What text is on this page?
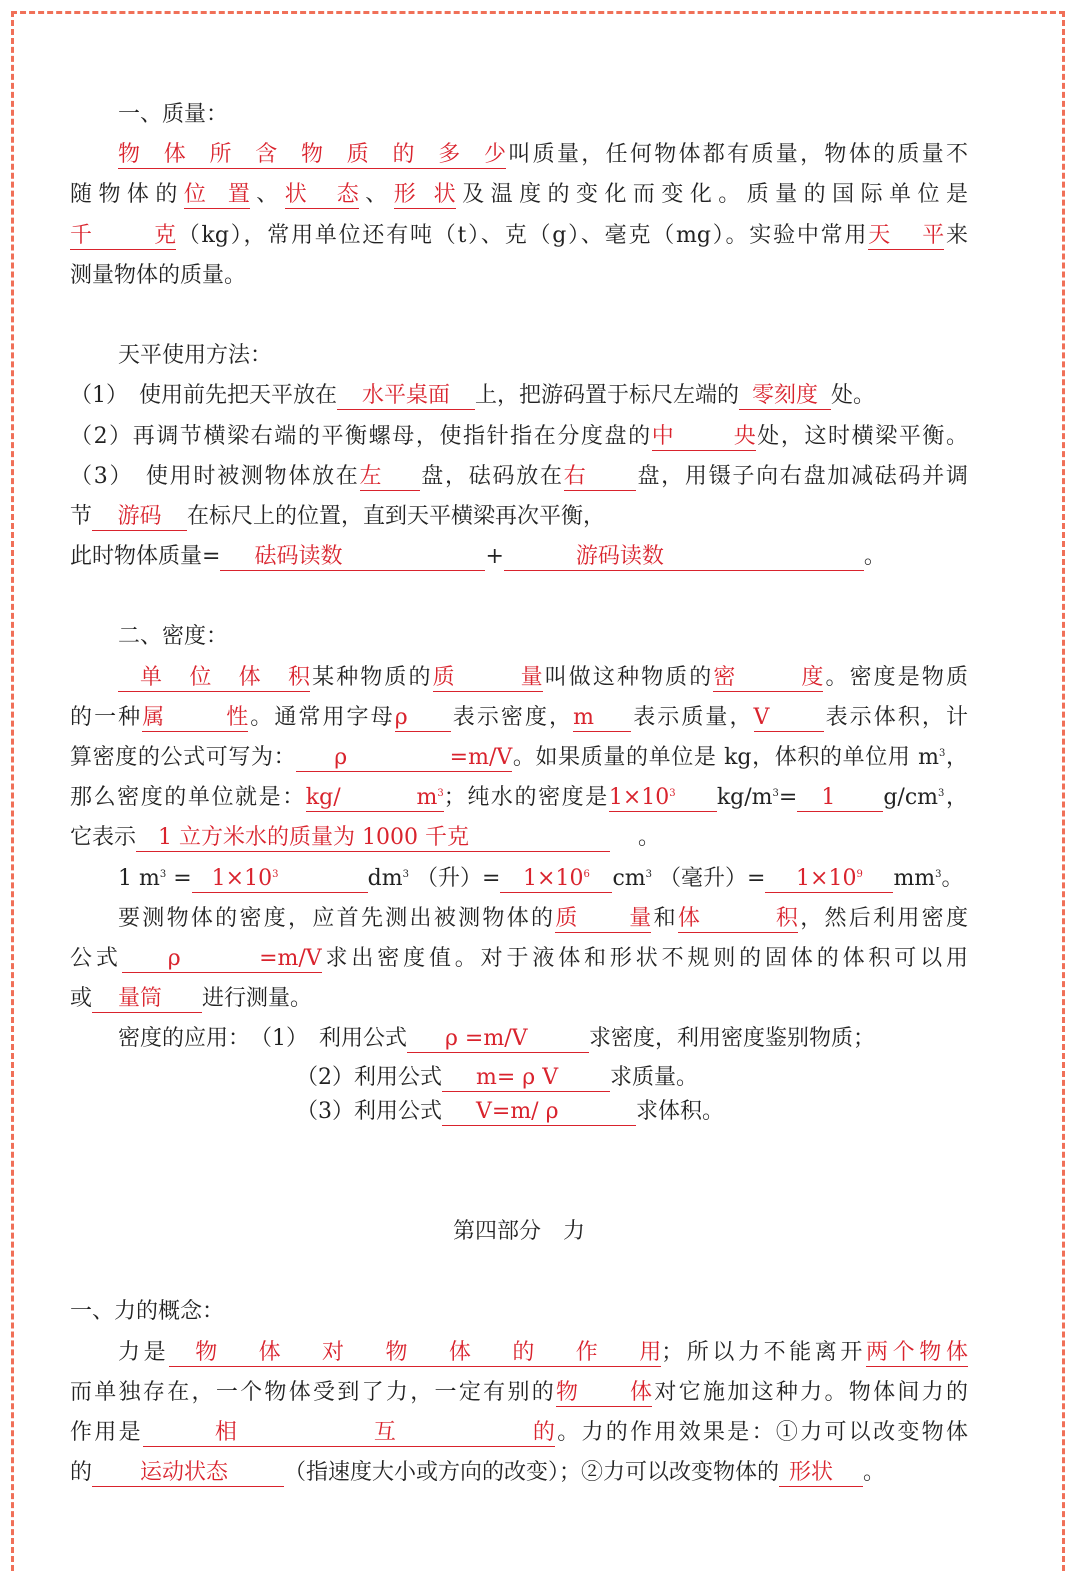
一、质量：
物体所含物质的多少叫质量，任何物体都有质量，物体的质量不
随物体的位置、状态、形状及温度的变化而变化。质量的国际单位是
千克（kg），常用单位还有吨（t）、克（g）、毫克（mg）。实验中常用天平来
测量物体的质量。
天平使用方法：
（1）　使用前先把天平放在 水平桌面 上，把游码置于标尺左端的 零刻度 处。
（2）再调节横梁右端的平衡螺母，使指针指在分度盘的中央处，这时横梁平衡。
（3）　使用时被测物体放在左 盘，砝码放在右 盘，用镊子向右盘加减砝码并调
节 游码 在标尺上的位置，直到天平横梁再次平衡，
此时物体质量= 砝码读数	+	游码读数	。
二、密度：
单位体积某种物质的质量叫做这种物质的密度。密度是物质
的一种属性。通常用字母ρ 表示密度，m 表示质量，V 表示体积，计
算密度的公式可写为： ρ =m/V。如果质量的单位是 kg，体积的单位用 $m^3$，
那么密度的单位就是：kg/ $m^3$；纯水的密度是$1\times 10^3$ $kg/m^3= 1$ $g/cm^3$，
它表示 1 立方米水的质量为 1000 千克	。
1 $m^3 = 1\times 10^3$	$dm^3$ （升）= $1\times 10^6$ $cm^3$ （毫升）= $1\times 10^9$ $mm^3$。
要测物体的密度，应首先测出被测物体的质量和体积，然后利用密度
公式 ρ =m/V求出密度值。对于液体和形状不规则的固体的体积可以用
或 量筒 进行测量。
密度的应用：　（1）　利用公式 ρ =m/V	求密度，利用密度鉴别物质；
（2）利用公式 m= ρ V 求质量。
（3）利用公式 V=m/ ρ	求体积。
第四部分　力
一、力的概念：
力是 物体对物体的作用；所以力不能离开两个物体
而单独存在，一个物体受到了力，一定有别的物体对它施加这种力。物体间力的
作用是	相互的。力的作用效果是：①力可以改变物体
的 运动状态	（指速度大小或方向的改变）；②力可以改变物体的 形状 。
